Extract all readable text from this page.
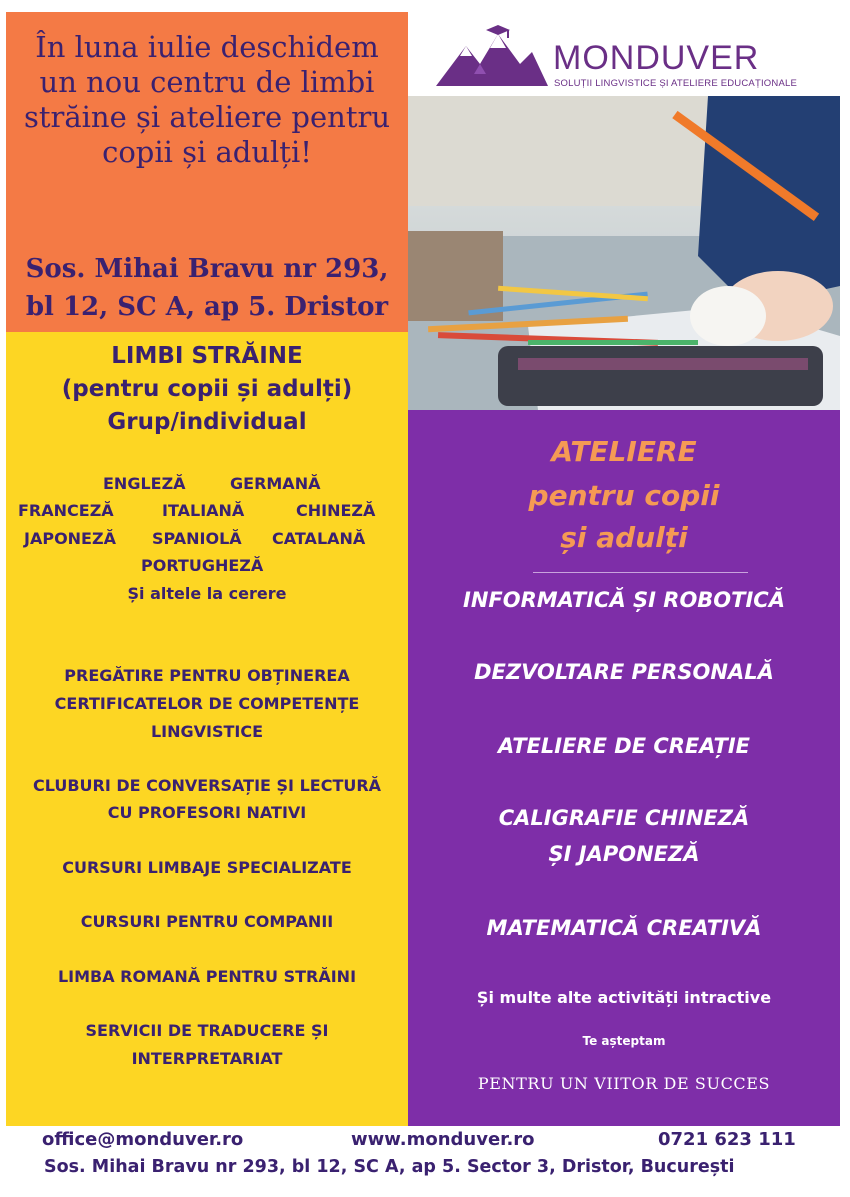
În luna iulie deschidem
un nou centru de limbi
străine și ateliere pentru
copii și adulți!
Sos. Mihai Bravu nr 293,
bl 12, SC A, ap 5. Dristor
MONDUVER
SOLUȚII LINGVISTICE ȘI ATELIERE EDUCAȚIONALE
LIMBI STRĂINE
(pentru copii și adulți)
Grup/individual
ENGLEZĂ	GERMANĂ
FRANCEZĂ	ITALIANĂ	CHINEZĂ
JAPONEZĂ SPANIOLĂ CATALANĂ
PORTUGHEZĂ
Și altele la cerere
PREGĂTIRE PENTRU OBȚINEREA
CERTIFICATELOR DE COMPETENȚE
LINGVISTICE
CLUBURI DE CONVERSAȚIE ȘI LECTURĂ
CU PROFESORI NATIVI
CURSURI LIMBAJE SPECIALIZATE
CURSURI PENTRU COMPANII
LIMBA ROMANĂ PENTRU STRĂINI
SERVICII DE TRADUCERE ȘI
INTERPRETARIAT
ATELIERE
pentru copii
și adulți
INFORMATICĂ ȘI ROBOTICĂ
DEZVOLTARE PERSONALĂ
ATELIERE DE CREAȚIE
CALIGRAFIE CHINEZĂ
ȘI JAPONEZĂ
MATEMATICĂ CREATIVĂ
Și multe alte activități intractive
Te așteptam
PENTRU UN VIITOR DE SUCCES
office@monduver.ro	www.monduver.ro	0721 623 111
Sos. Mihai Bravu nr 293, bl 12, SC A, ap 5. Sector 3, Dristor, București
